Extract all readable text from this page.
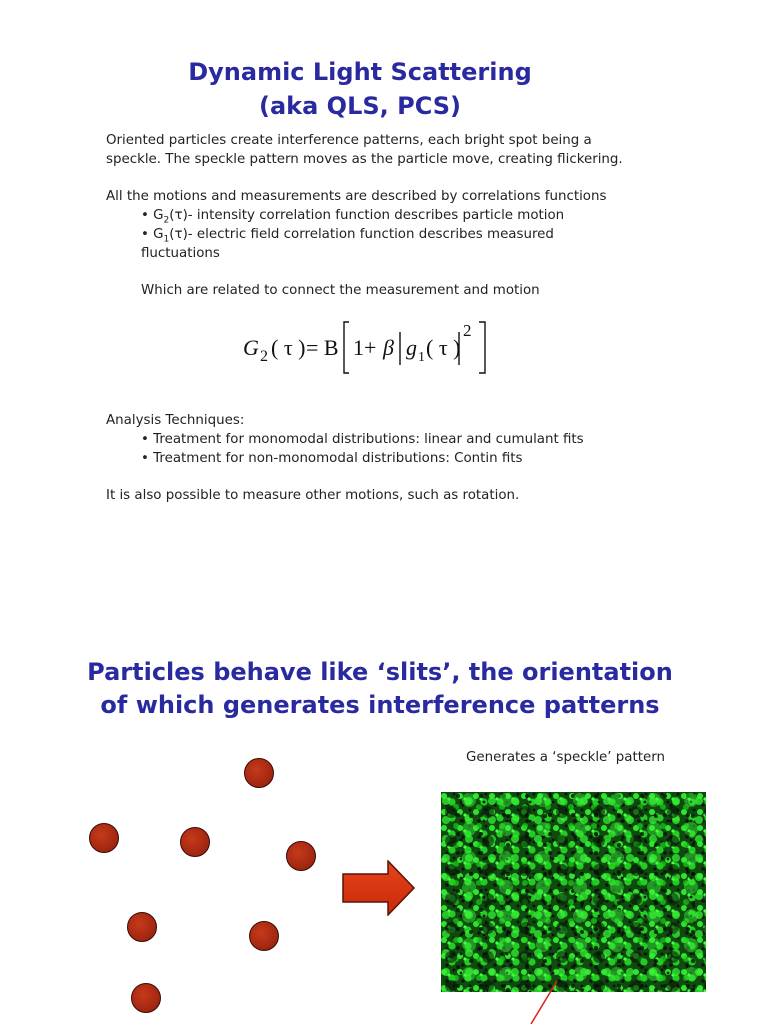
Dynamic Light Scattering
(aka QLS, PCS)
Oriented particles create interference patterns, each bright spot being a
speckle. The speckle pattern moves as the particle move, creating flickering.
All the motions and measurements are described by correlations functions
• $G_2(\tau)-$ intensity correlation function describes particle motion
• $G_1(\tau)-$ electric field correlation function describes measured
fluctuations
Which are related to connect the measurement and motion
G 2 ( τ ) = B 1+ β g 1 ( τ )
2
Analysis Techniques:
• Treatment for monomodal distributions: linear and cumulant fits
• Treatment for non-monomodal distributions: Contin fits
It is also possible to measure other motions, such as rotation.
Particles behave like ‘slits’, the orientation
of which generates interference patterns
Generates a ‘speckle’ pattern
